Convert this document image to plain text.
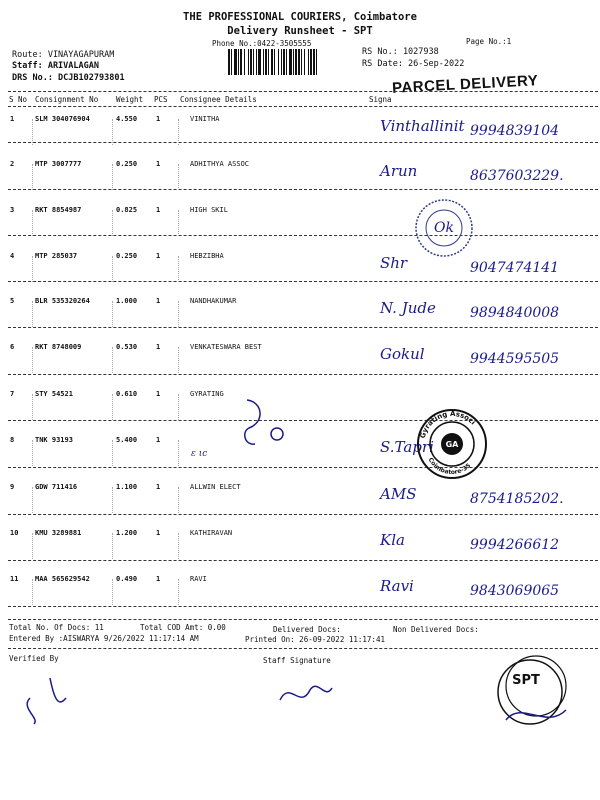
THE PROFESSIONAL COURIERS, Coimbatore
Delivery Runsheet - SPT
Phone No.:0422-3505555	Page No.:1
Route: VINAYAGAPURAM
Staff: ARIVALAGAN
DRS No.: DCJB102793801
RS No.: 1027938
RS Date: 26-Sep-2022
PARCEL DELIVERY
S No Consignment No Weight PCS Consignee Details	Signa
1	SLM 304076904	4.550	1	VINITHA	Vinthallinit 9994839104
2	MTP 3007777	0.250	1	ADHITHYA ASSOC	Arun	8637603229.
3	RKT 8854987	0.825	1	HIGH SKIL
4	MTP 285037	0.250	1	HEBZIBHA	Shr	9047474141
5	BLR 535320264	1.000	1	NANDHAKUMAR	N. Jude 9894840008
6	RKT 8748009	0.530	1	VENKATESWARA BEST	Gokul	9944595505
7	STY 54521	0.610	1	GYRATING
8	TNK 93193	5.400	1	S.Tapri
9	GDW 711416	1.100	1	ALLWIN ELECT	AMS	8754185202.
10 KMU 3289881	1.200	1	KATHIRAVAN	Kla	9994266612
11 MAA 565629542	0.490	1	RAVI	Ravi	9843069065
Ok
Gyrating Associ
Coimbatore-35
GA
ɛ ιc
Total No. Of Docs: 11	Total COD Amt: 0.00	Delivered Docs:	Non Delivered Docs:
Entered By :AISWARYA 9/26/2022 11:17:14 AM	Printed On: 26-09-2022 11:17:41
Verified By	Staff Signature
SPT
